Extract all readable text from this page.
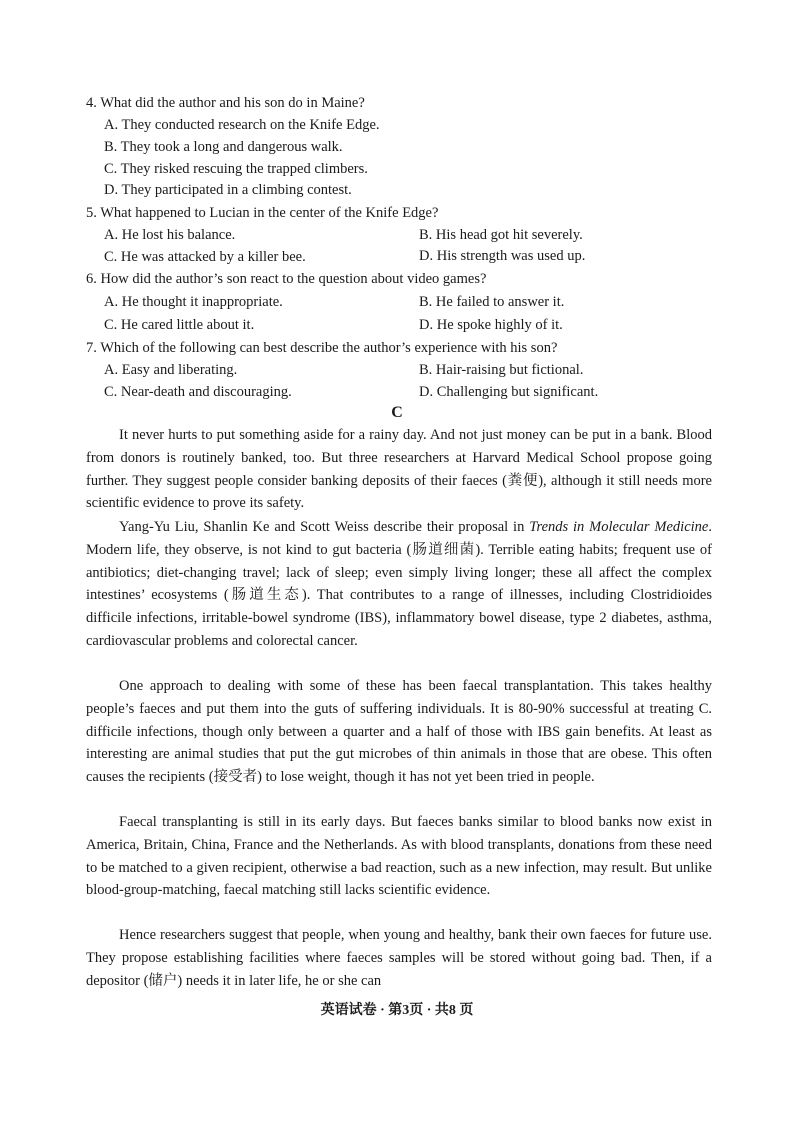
4. What did the author and his son do in Maine?
A. They conducted research on the Knife Edge.
B. They took a long and dangerous walk.
C. They risked rescuing the trapped climbers.
D. They participated in a climbing contest.
5. What happened to Lucian in the center of the Knife Edge?
A. He lost his balance.	B. His head got hit severely.
C. He was attacked by a killer bee.	D. His strength was used up.
6. How did the author’s son react to the question about video games?
A. He thought it inappropriate.	B. He failed to answer it.
C. He cared little about it.	D. He spoke highly of it.
7. Which of the following can best describe the author’s experience with his son?
A. Easy and liberating.	B. Hair-raising but fictional.
C. Near-death and discouraging.	D. Challenging but significant.
C

It never hurts to put something aside for a rainy day. And not just money can be put in a bank. Blood from donors is routinely banked, too. But three researchers at Harvard Medical School propose going further. They suggest people consider banking deposits of their faeces (粪便), although it still needs more scientific evidence to prove its safety.

Yang-Yu Liu, Shanlin Ke and Scott Weiss describe their proposal in Trends in Molecular Medicine. Modern life, they observe, is not kind to gut bacteria (肠道细菌). Terrible eating habits; frequent use of antibiotics; diet-changing travel; lack of sleep; even simply living longer; these all affect the complex intestines’ ecosystems (肠道生态). That contributes to a range of illnesses, including Clostridioides difficile infections, irritable-bowel syndrome (IBS), inflammatory bowel disease, type 2 diabetes, asthma, cardiovascular problems and colorectal cancer.

One approach to dealing with some of these has been faecal transplantation. This takes healthy people’s faeces and put them into the guts of suffering individuals. It is 80-90% successful at treating C. difficile infections, though only between a quarter and a half of those with IBS gain benefits. At least as interesting are animal studies that put the gut microbes of thin animals in those that are obese. This often causes the recipients (接受者) to lose weight, though it has not yet been tried in people.

Faecal transplanting is still in its early days. But faeces banks similar to blood banks now exist in America, Britain, China, France and the Netherlands. As with blood transplants, donations from these need to be matched to a given recipient, otherwise a bad reaction, such as a new infection, may result. But unlike blood-group-matching, faecal matching still lacks scientific evidence.

Hence researchers suggest that people, when young and healthy, bank their own faeces for future use. They propose establishing facilities where faeces samples will be stored without going bad. Then, if a depositor (储户) needs it in later life, he or she can

英语试卷 · 第3页 · 共8 页
